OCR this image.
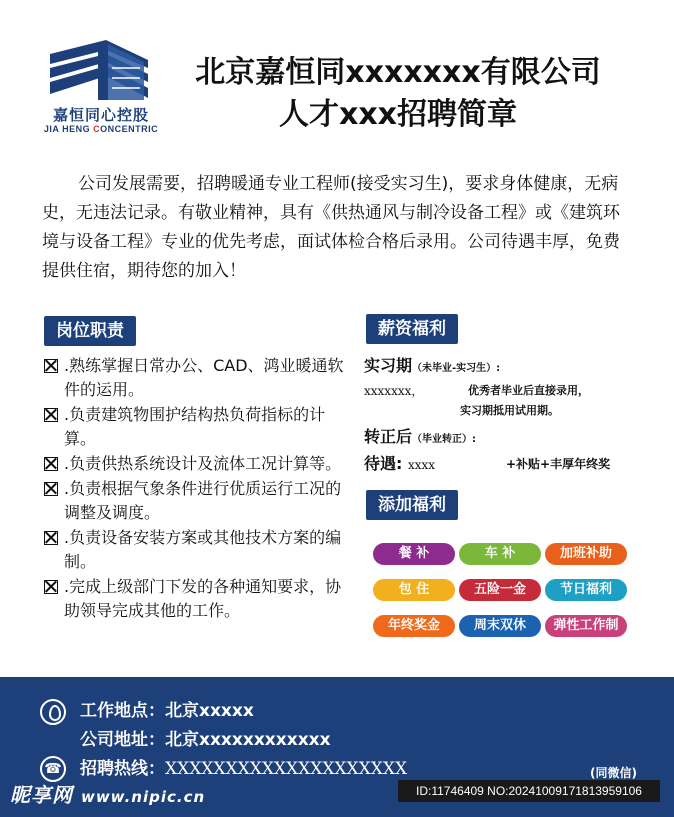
嘉恒同心控股
JIA HENG CONCENTRIC
北京嘉恒同xxxxxxx有限公司
人才xxx招聘简章
公司发展需要，招聘暖通专业工程师(接受实习生)，要求身体健康，无病史，无违法记录。有敬业精神，具有《供热通风与制冷设备工程》或《建筑环境与设备工程》专业的优先考虑，面试体检合格后录用。公司待遇丰厚，免费提供住宿，期待您的加入！
岗位职责
.熟练掌握日常办公、CAD、鸿业暖通软件的运用。
.负责建筑物围护结构热负荷指标的计算。
.负责供热系统设计及流体工况计算等。
.负责根据气象条件进行优质运行工况的调整及调度。
.负责设备安装方案或其他技术方案的编制。
.完成上级部门下发的各种通知要求，协助领导完成其他的工作。
薪资福利
实习期（未毕业-实习生）:
xxxxxxx，	优秀者毕业后直接录用，
实习期抵用试用期。
转正后（毕业转正）:
待遇: xxxx	+补贴+丰厚年终奖
添加福利
餐 补	车 补	加班补助
包 住	五险一金	节日福利
年终奖金	周末双休	弹性工作制
工作地点：北京xxxxx
公司地址：北京xxxxxxxxxxxx
☎ 招聘热线：XXXXXXXXXXXXXXXXXXXX	(同微信)
昵享网 www.nipic.cn	ID:11746409 NO:20241009171813959106
